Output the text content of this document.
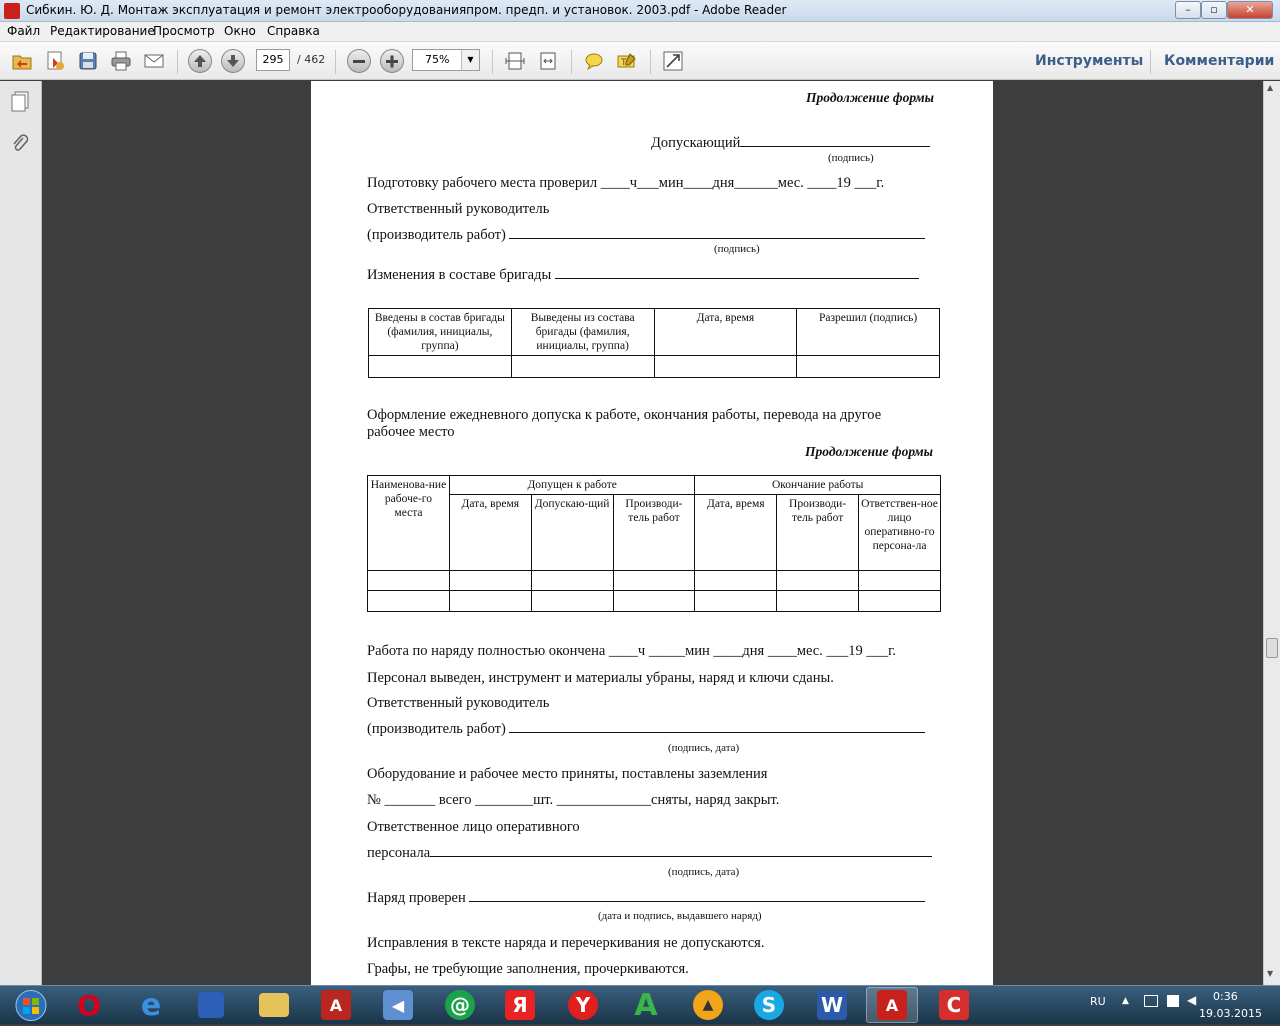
Сибкин. Ю. Д. Монтаж эксплуатация и ремонт электрооборудованияпром. предп. и установок. 2003.pdf - Adobe Reader	–	▫	✕
Файл Редактирование
Просмотр Окно Справка
T
295	/ 462	75%	▼	Инструменты Комментарии
▲
▼
Продолжение формы
Допускающий
(подпись)
Подготовку рабочего места проверил ____ч___мин____дня______мес. ____19 ___г.
Ответственный руководитель
(производитель работ)
(подпись)
Изменения в составе бригады
Введены в состав бригады (фамилия, инициалы, группа)	Выведены из состава бригады (фамилия, инициалы, группа)	Дата, время	Разрешил (подпись)

Оформление ежедневного допуска к работе, окончания работы, перевода на другое
рабочее место
Продолжение формы
Наименова-ние рабоче-го места	Допущен к работе			Окончание работы		
	Дата, время	Допускаю-щий	Производи-тель работ	Дата, время	Производи-тель работ	Ответствен-ное лицо оперативно-го персона-ла

Работа по наряду полностью окончена ____ч _____мин ____дня ____мес. ___19 ___г.
Персонал выведен, инструмент и материалы убраны, наряд и ключи сданы.
Ответственный руководитель
(производитель работ)
(подпись, дата)
Оборудование и рабочее место приняты, поставлены заземления
№ _______ всего ________шт. _____________сняты, наряд закрыт.
Ответственное лицо оперативного
персонала
(подпись, дата)
Наряд проверен
(дата и подпись, выдавшего наряд)
Исправления в тексте наряда и перечеркивания не допускаются.
Графы, не требующие заполнения, прочеркиваются.
O e	A	◀	@	Я	Y A	▲	S	W	A	C	RU ▲	◀ 0:36
19.03.2015
